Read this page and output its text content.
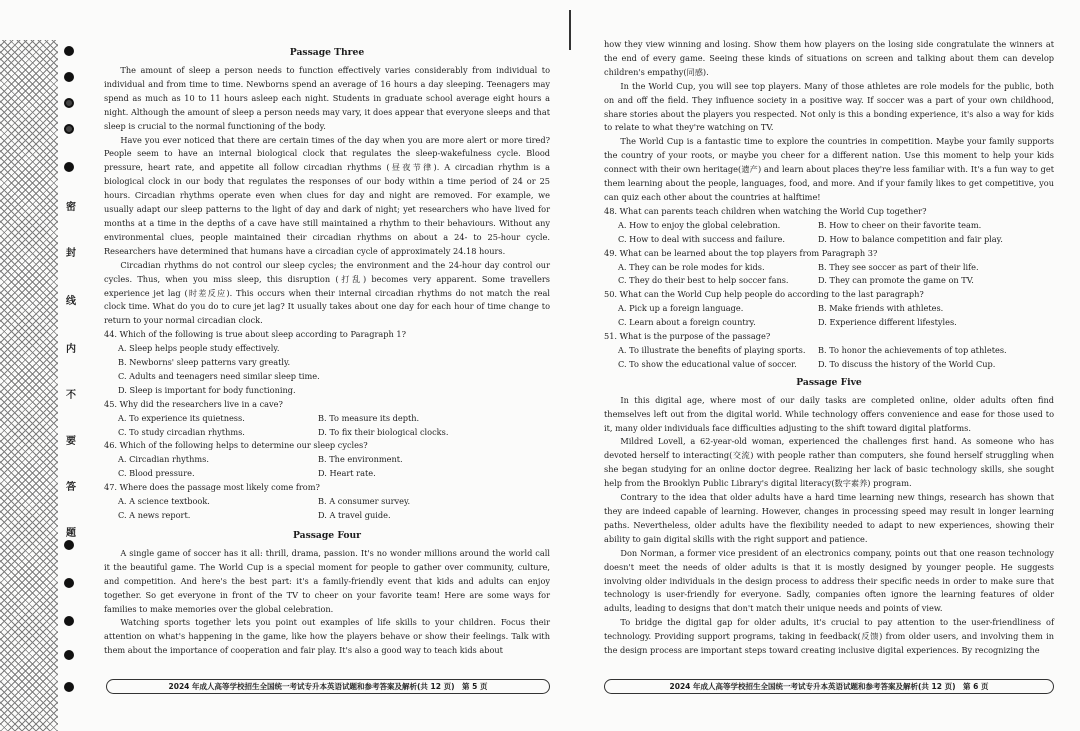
密
封
线
内
不
要
答
题
Passage Three

The amount of sleep a person needs to function effectively varies considerably from individual to individual and from time to time. Newborns spend an average of 16 hours a day sleeping. Teenagers may spend as much as 10 to 11 hours asleep each night. Students in graduate school average eight hours a night. Although the amount of sleep a person needs may vary, it does appear that everyone sleeps and that sleep is crucial to the normal functioning of the body.

Have you ever noticed that there are certain times of the day when you are more alert or more tired? People seem to have an internal biological clock that regulates the sleep-wakefulness cycle. Blood pressure, heart rate, and appetite all follow circadian rhythms (昼夜节律). A circadian rhythm is a biological clock in our body that regulates the responses of our body within a time period of 24 or 25 hours. Circadian rhythms operate even when clues for day and night are removed. For example, we usually adapt our sleep patterns to the light of day and dark of night; yet researchers who have lived for months at a time in the depths of a cave have still maintained a rhythm to their behaviours. Without any environmental clues, people maintained their circadian rhythms on about a 24- to 25-hour cycle. Researchers have determined that humans have a circadian cycle of approximately 24.18 hours.

Circadian rhythms do not control our sleep cycles; the environment and the 24-hour day control our cycles. Thus, when you miss sleep, this disruption (打乱) becomes very apparent. Some travellers experience jet lag (时差反应). This occurs when their internal circadian rhythms do not match the real clock time. What do you do to cure jet lag? It usually takes about one day for each hour of time change to return to your normal circadian clock.

44. Which of the following is true about sleep according to Paragraph 1?
A. Sleep helps people study effectively.
B. Newborns' sleep patterns vary greatly.
C. Adults and teenagers need similar sleep time.
D. Sleep is important for body functioning.
45. Why did the researchers live in a cave?
A. To experience its quietness.	B. To measure its depth.
C. To study circadian rhythms.	D. To fix their biological clocks.
46. Which of the following helps to determine our sleep cycles?
A. Circadian rhythms.	B. The environment.
C. Blood pressure.	D. Heart rate.
47. Where does the passage most likely come from?
A. A science textbook.	B. A consumer survey.
C. A news report.	D. A travel guide.
Passage Four

A single game of soccer has it all: thrill, drama, passion. It's no wonder millions around the world call it the beautiful game. The World Cup is a special moment for people to gather over community, culture, and competition. And here's the best part: it's a family-friendly event that kids and adults can enjoy together. So get everyone in front of the TV to cheer on your favorite team! Here are some ways for families to make memories over the global celebration.

Watching sports together lets you point out examples of life skills to your children. Focus their attention on what's happening in the game, like how the players behave or show their feelings. Talk with them about the importance of cooperation and fair play. It's also a good way to teach kids about

2024 年成人高等学校招生全国统一考试专升本英语试题和参考答案及解析(共 12 页)　第 5 页

how they view winning and losing. Show them how players on the losing side congratulate the winners at the end of every game. Seeing these kinds of situations on screen and talking about them can develop children's empathy(同感).

In the World Cup, you will see top players. Many of those athletes are role models for the public, both on and off the field. They influence society in a positive way. If soccer was a part of your own childhood, share stories about the players you respected. Not only is this a bonding experience, it's also a way for kids to relate to what they're watching on TV.

The World Cup is a fantastic time to explore the countries in competition. Maybe your family supports the country of your roots, or maybe you cheer for a different nation. Use this moment to help your kids connect with their own heritage(遗产) and learn about places they're less familiar with. It's a fun way to get them learning about the people, languages, food, and more. And if your family likes to get competitive, you can quiz each other about the countries at halftime!

48. What can parents teach children when watching the World Cup together?
A. How to enjoy the global celebration.	B. How to cheer on their favorite team.
C. How to deal with success and failure.	D. How to balance competition and fair play.
49. What can be learned about the top players from Paragraph 3?
A. They can be role modes for kids.	B. They see soccer as part of their life.
C. They do their best to help soccer fans.	D. They can promote the game on TV.
50. What can the World Cup help people do according to the last paragraph?
A. Pick up a foreign language.	B. Make friends with athletes.
C. Learn about a foreign country.	D. Experience different lifestyles.
51. What is the purpose of the passage?
A. To illustrate the benefits of playing sports.	B. To honor the achievements of top athletes.
C. To show the educational value of soccer.	D. To discuss the history of the World Cup.
Passage Five

In this digital age, where most of our daily tasks are completed online, older adults often find themselves left out from the digital world. While technology offers convenience and ease for those used to it, many older individuals face difficulties adjusting to the shift toward digital platforms.

Mildred Lovell, a 62-year-old woman, experienced the challenges first hand. As someone who has devoted herself to interacting(交流) with people rather than computers, she found herself struggling when she began studying for an online doctor degree. Realizing her lack of basic technology skills, she sought help from the Brooklyn Public Library's digital literacy(数字素养) program.

Contrary to the idea that older adults have a hard time learning new things, research has shown that they are indeed capable of learning. However, changes in processing speed may result in longer learning paths. Nevertheless, older adults have the flexibility needed to adapt to new experiences, showing their ability to gain digital skills with the right support and patience.

Don Norman, a former vice president of an electronics company, points out that one reason technology doesn't meet the needs of older adults is that it is mostly designed by younger people. He suggests involving older individuals in the design process to address their specific needs in order to make sure that technology is user-friendly for everyone. Sadly, companies often ignore the learning features of older adults, leading to designs that don't match their unique needs and points of view.

To bridge the digital gap for older adults, it's crucial to pay attention to the user-friendliness of technology. Providing support programs, taking in feedback(反馈) from older users, and involving them in the design process are important steps toward creating inclusive digital experiences. By recognizing the

2024 年成人高等学校招生全国统一考试专升本英语试题和参考答案及解析(共 12 页)　第 6 页
